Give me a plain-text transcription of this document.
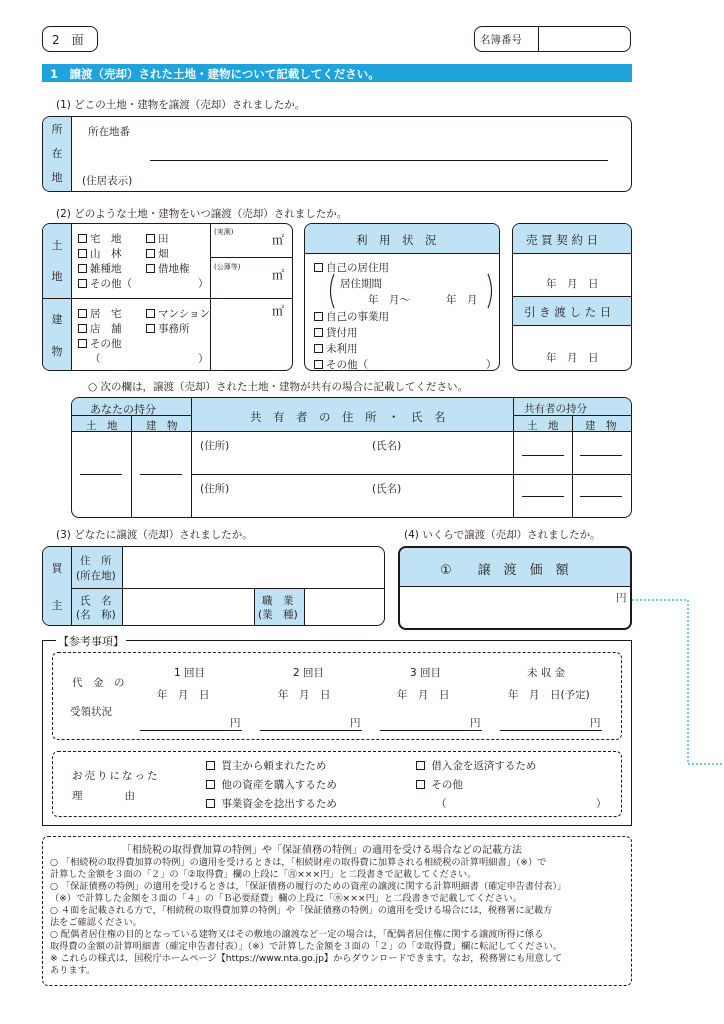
2　面	名簿番号
1　譲渡（売却）された土地・建物について記載してください。
(1) どこの土地・建物を譲渡（売却）されましたか。
所
在
地
所在地番
(住居表示)
(2) どのような土地・建物をいつ譲渡（売却）されましたか。
土
地
建
物
宅　地	田
山　林	畑
雑種地	借地権
その他（	）
居　宅	マンション
店　舗	事務所
その他
（	）
(実測)
㎡
(公簿等)
㎡
㎡
利　用　状　況
自己の居住用
居住期間
年　月〜	年　月
自己の事業用
貸付用
未利用
その他（	）
売 買 契 約 日
年　月　日
引 き 渡 し た 日
年　月　日
○ 次の欄は，譲渡（売却）された土地・建物が共有の場合に記載してください。
あなたの持分
土　地	建　物
共　有　者　の　住　所　・　氏　名
共有者の持分
土　地	建　物
(住所)	(氏名)
(住所)	(氏名)
(3) どなたに譲渡（売却）されましたか。
買
主
住　所
(所在地)
氏　名
(名　称)
職　業
(業　種)
(4) いくらで譲渡（売却）されましたか。
①　　譲　渡　価　額
円
【参考事項】
代　金　の
受領状況
1 回目	2 回目	3 回目	未 収 金
年　月　日	年　月　日	年　月　日	年　月　日(予定)
円	円	円	円
お売りになった
理　　　　由
買主から頼まれたため	借入金を返済するため
他の資産を購入するため	その他
事業資金を捻出するため	（	）
「相続税の取得費加算の特例」や「保証債務の特例」の適用を受ける場合などの記載方法
○ 「相続税の取得費加算の特例」の適用を受けるときは，「相続財産の取得費に加算される相続税の計算明細書」（※）で
計算した金額を３面の「２」の「②取得費」欄の上段に「㊊×××円」と二段書きで記載してください。
○ 「保証債務の特例」の適用を受けるときは，「保証債務の履行のための資産の譲渡に関する計算明細書（確定申告書付表）」
（※）で計算した金額を３面の「４」の「Ｂ必要経費」欄の上段に「㊌×××円」と二段書きで記載してください。
○ ４面を記載される方で，「相続税の取得費加算の特例」や「保証債務の特例」の適用を受ける場合には，税務署に記載方
法をご確認ください。
○ 配偶者居住権の目的となっている建物又はその敷地の譲渡など一定の場合は，「配偶者居住権に関する譲渡所得に係る
取得費の金額の計算明細書（確定申告書付表）」（※）で計算した金額を３面の「２」の「②取得費」欄に転記してください。
※ これらの様式は，国税庁ホームページ【https://www.nta.go.jp】からダウンロードできます。なお，税務署にも用意して
あります。
